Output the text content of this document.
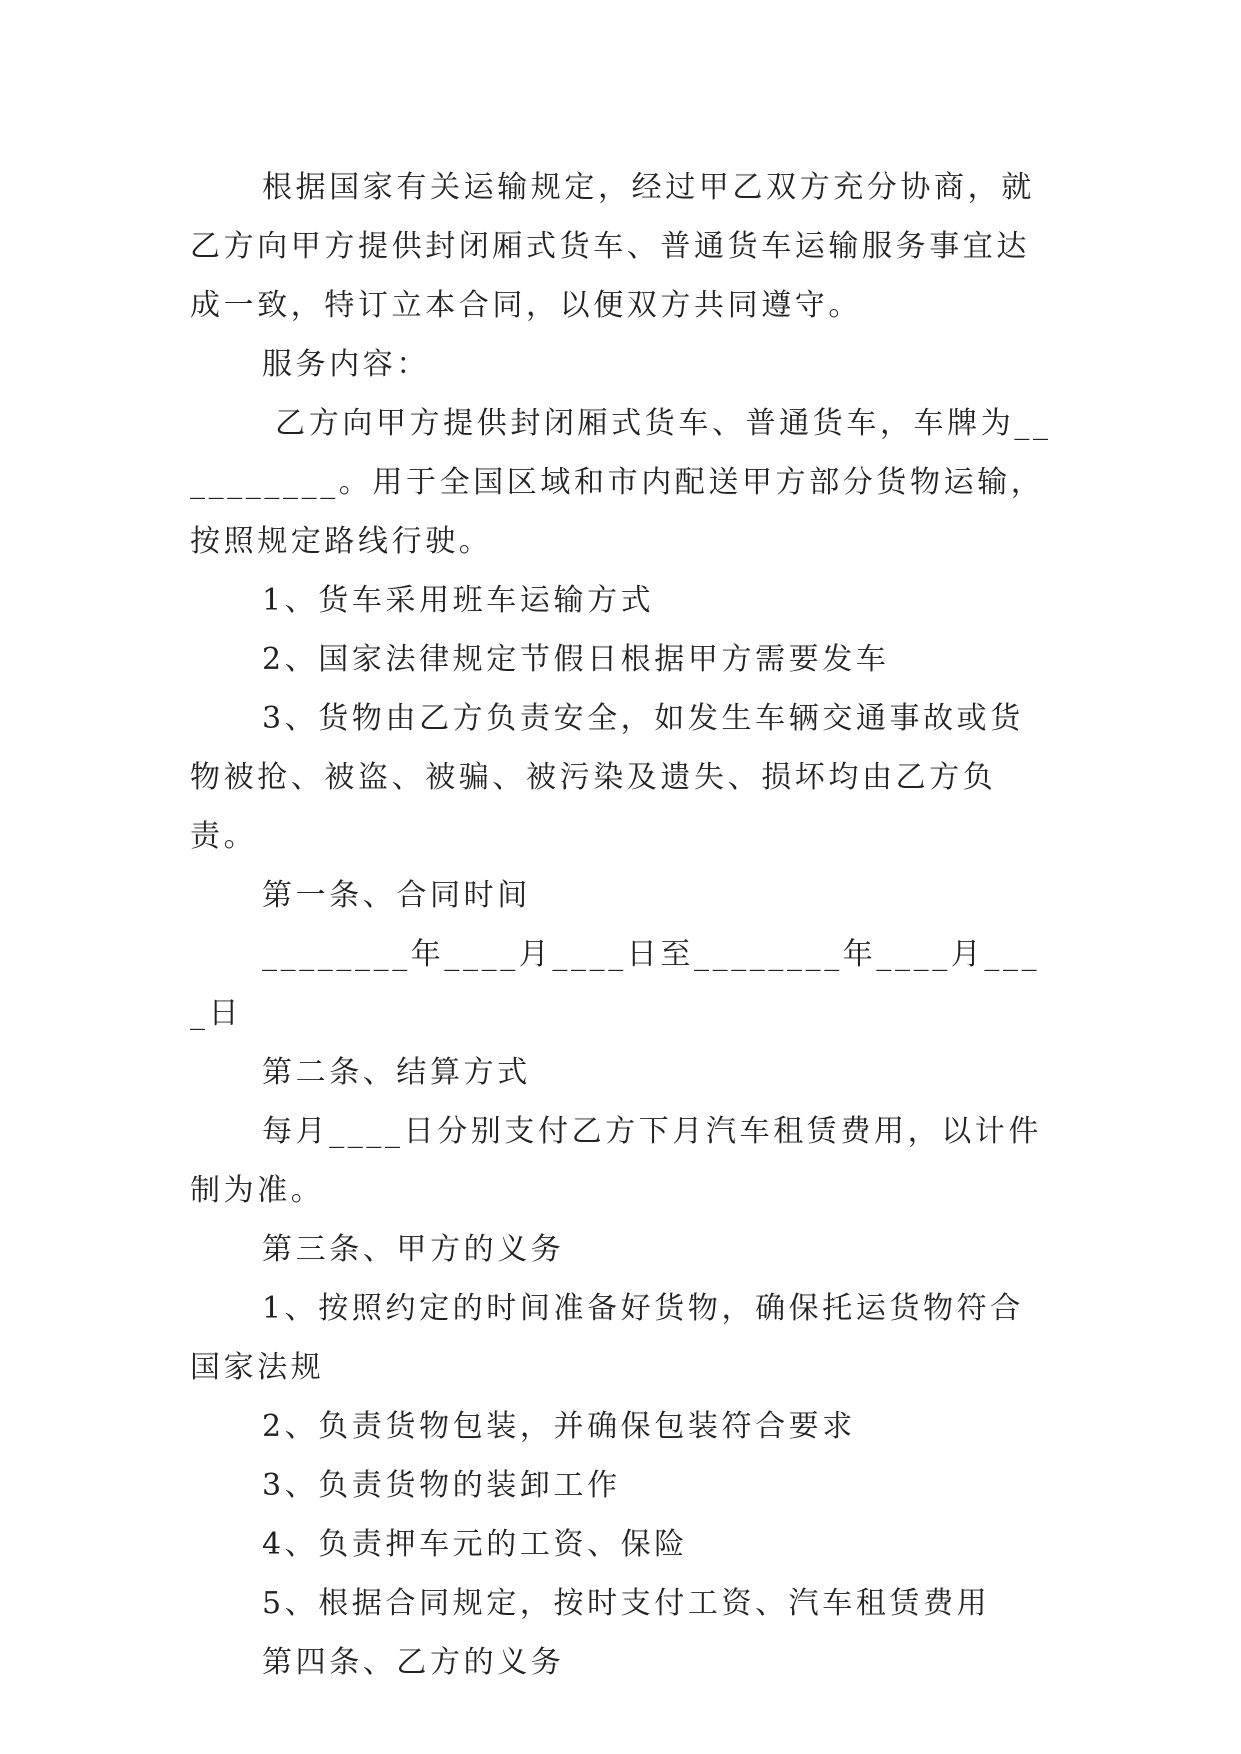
根据国家有关运输规定，经过甲乙双方充分协商，就乙方向甲方提供封闭厢式货车、普通货车运输服务事宜达成一致，特订立本合同，以便双方共同遵守。

服务内容：

乙方向甲方提供封闭厢式货车、普通货车，车牌为__________。用于全国区域和市内配送甲方部分货物运输，按照规定路线行驶。

1、货车采用班车运输方式

2、国家法律规定节假日根据甲方需要发车

3、货物由乙方负责安全，如发生车辆交通事故或货物被抢、被盗、被骗、被污染及遗失、损坏均由乙方负责。

第一条、合同时间

________年____月____日至________年____月____日

第二条、结算方式

每月____日分别支付乙方下月汽车租赁费用，以计件制为准。

第三条、甲方的义务

1、按照约定的时间准备好货物，确保托运货物符合国家法规

2、负责货物包装，并确保包装符合要求

3、负责货物的装卸工作

4、负责押车元的工资、保险

5、根据合同规定，按时支付工资、汽车租赁费用

第四条、乙方的义务
